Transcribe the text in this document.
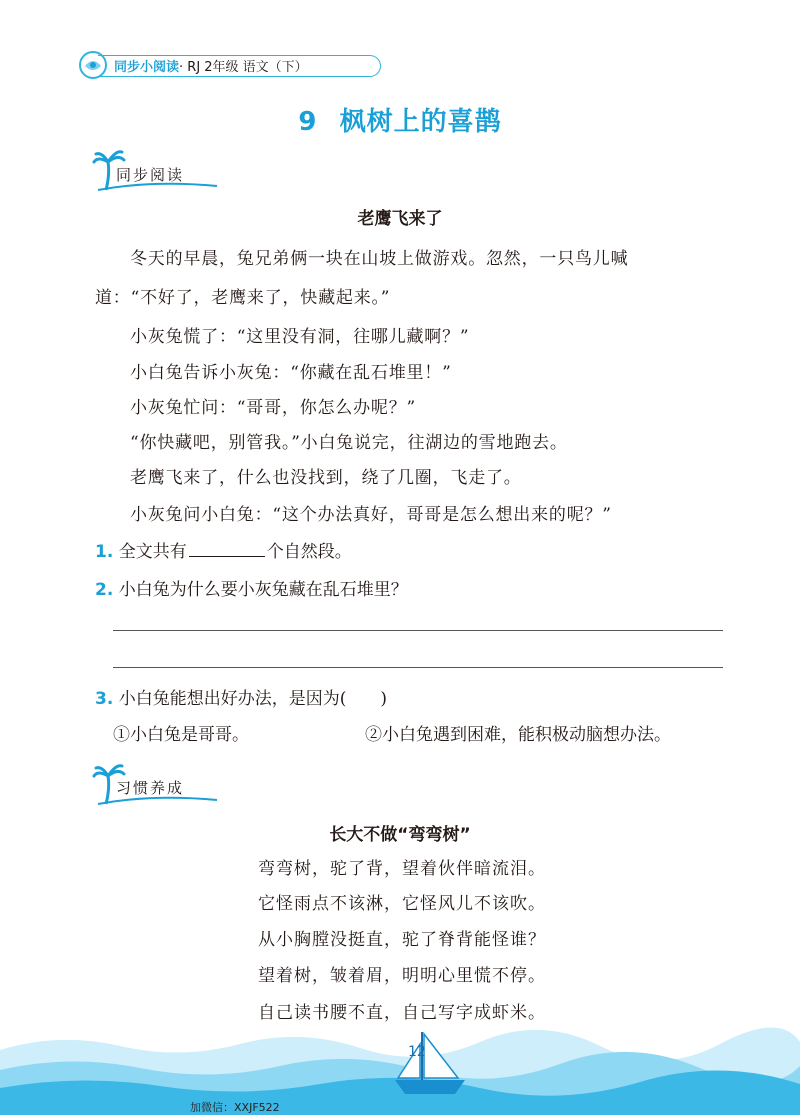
同步小阅读· RJ 2年级 语文（下）
9 枫树上的喜鹊
同步阅读
老鹰飞来了
冬天的早晨，兔兄弟俩一块在山坡上做游戏。忽然，一只鸟儿喊
道：“不好了，老鹰来了，快藏起来。”
小灰兔慌了：“这里没有洞，往哪儿藏啊？”
小白兔告诉小灰兔：“你藏在乱石堆里！”
小灰兔忙问：“哥哥，你怎么办呢？”
“你快藏吧，别管我。”小白兔说完，往湖边的雪地跑去。
老鹰飞来了，什么也没找到，绕了几圈，飞走了。
小灰兔问小白兔：“这个办法真好，哥哥是怎么想出来的呢？”
1. 全文共有	个自然段。
2. 小白兔为什么要小灰兔藏在乱石堆里？
3. 小白兔能想出好办法，是因为(　　)
①小白兔是哥哥。	②小白兔遇到困难，能积极动脑想办法。
习惯养成
长大不做“弯弯树”
弯弯树，驼了背，望着伙伴暗流泪。
它怪雨点不该淋，它怪风儿不该吹。
从小胸膛没挺直，驼了脊背能怪谁？
望着树，皱着眉，明明心里慌不停。
自己读书腰不直，自己写字成虾米。
12
加微信：XXJF522
